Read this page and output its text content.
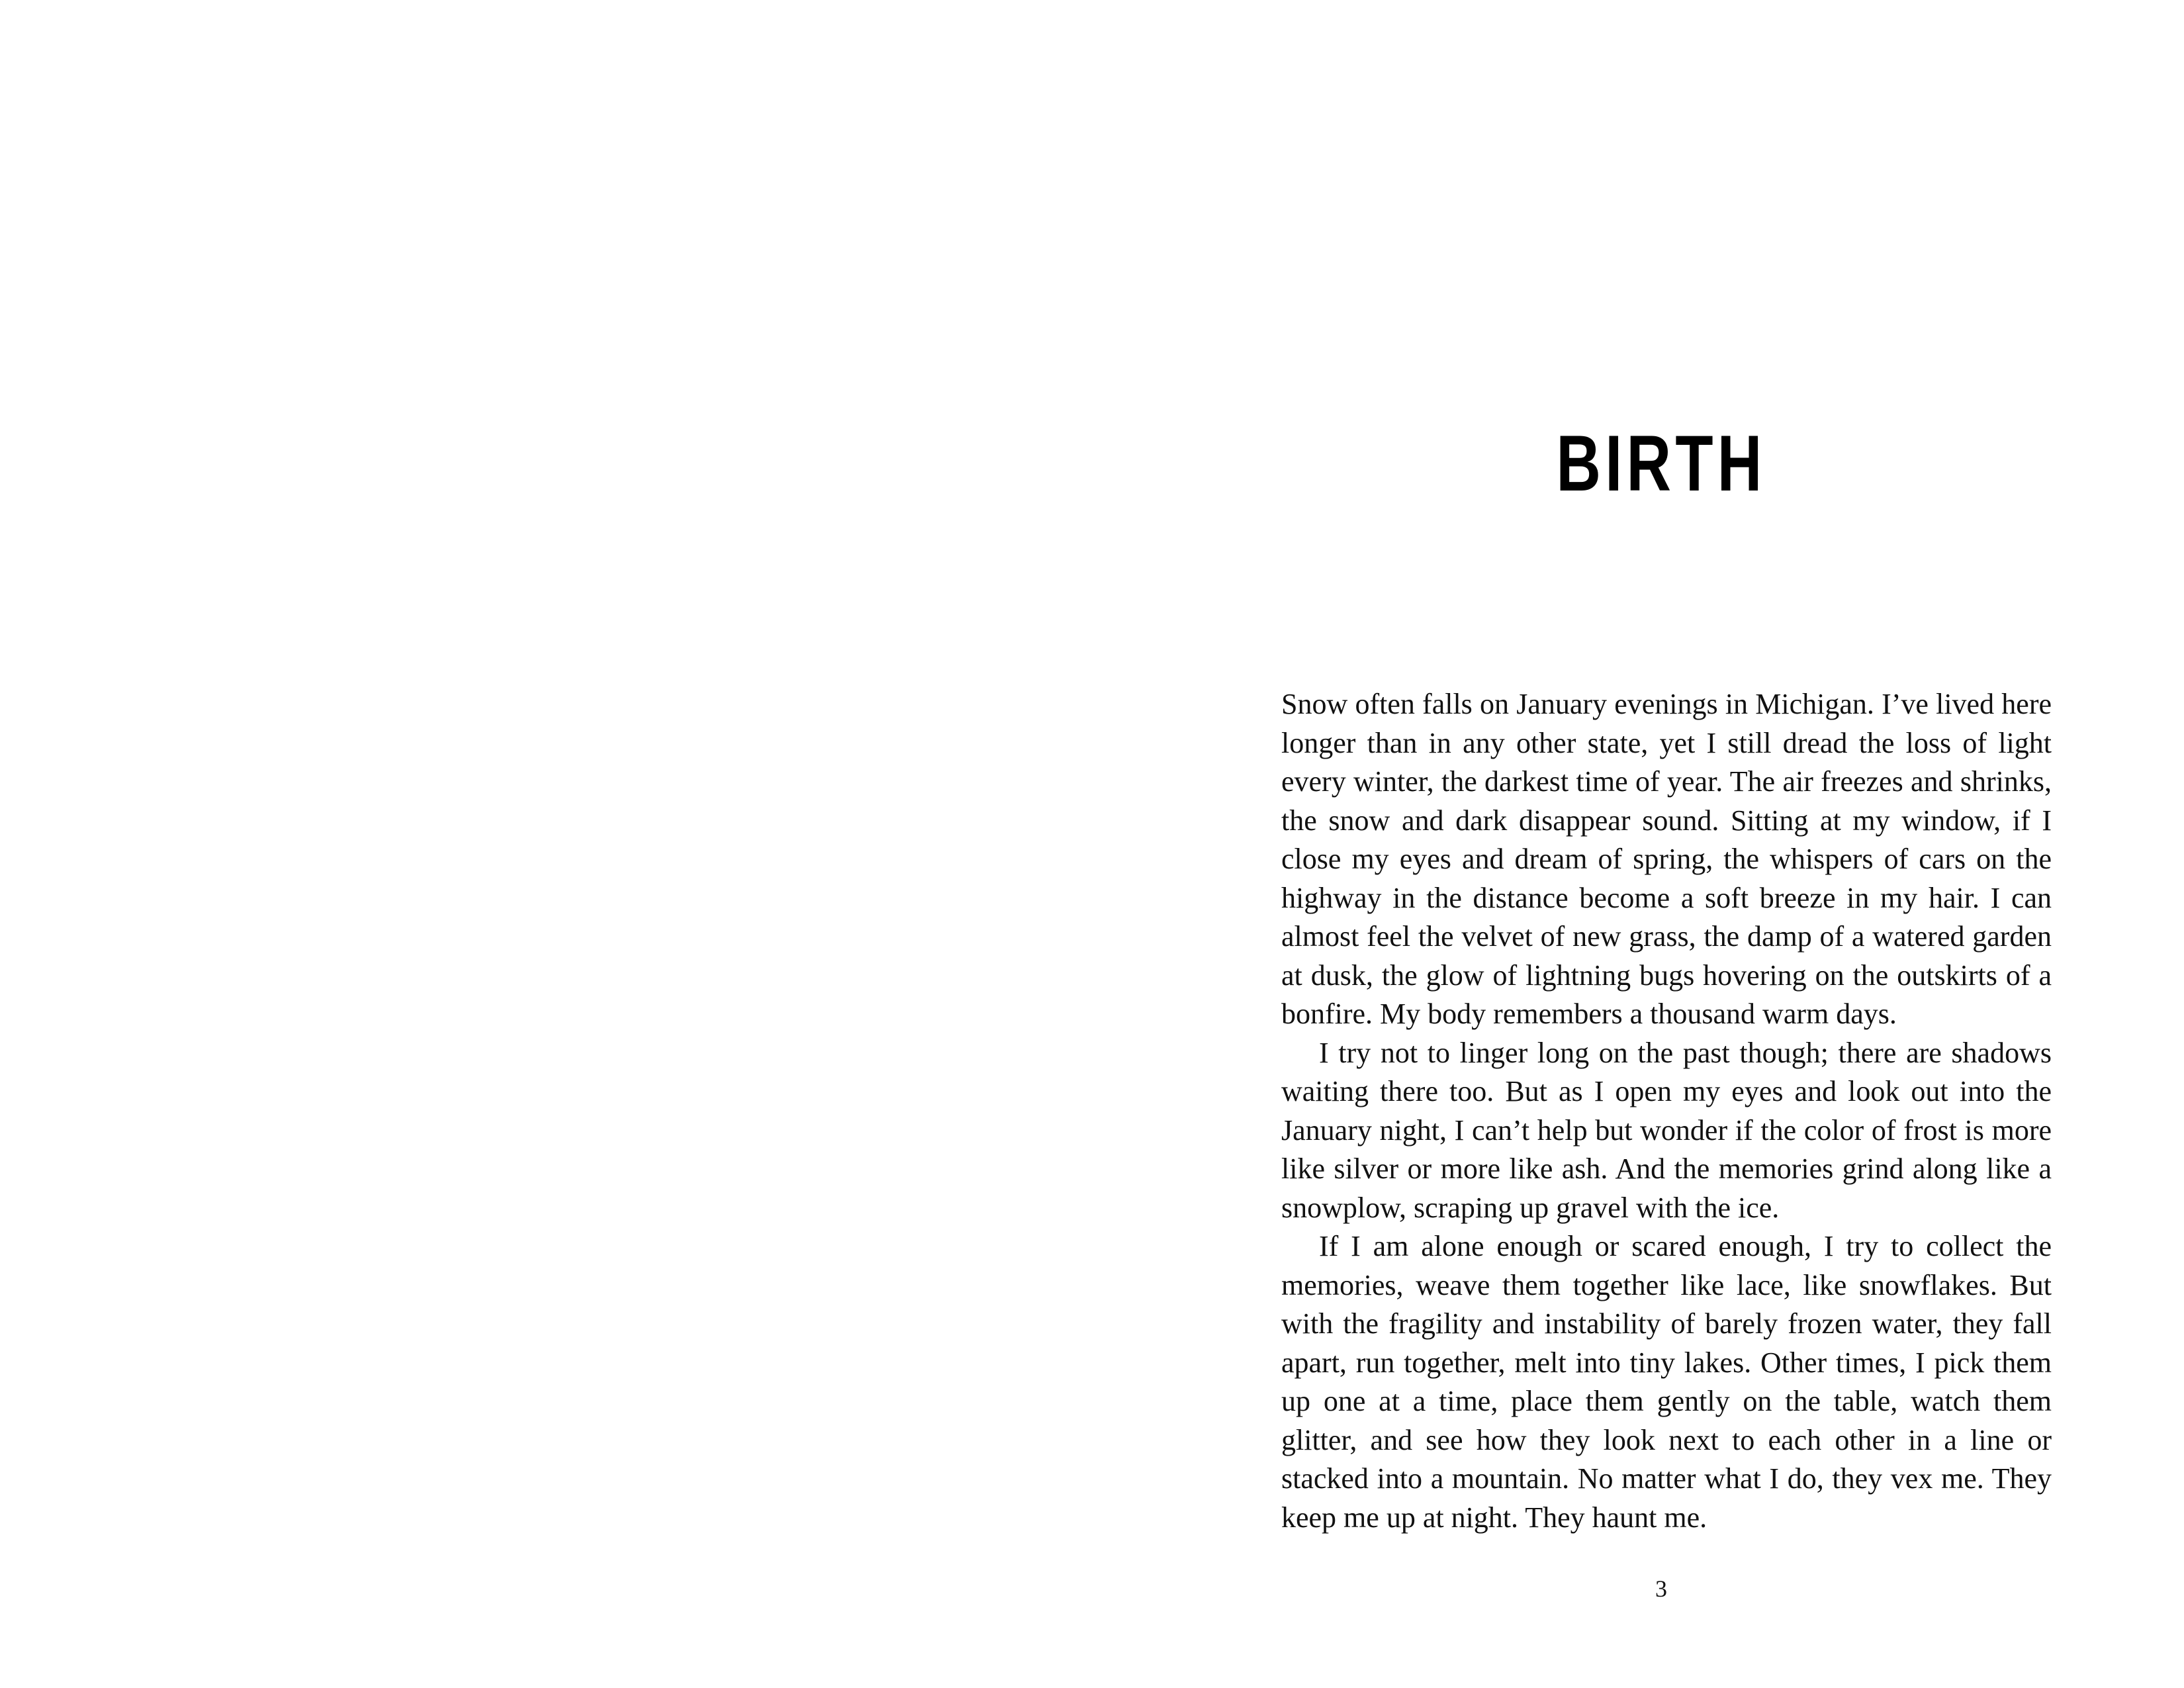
BIRTH

Snow often falls on January evenings in Michigan. I’ve lived here longer than in any other state, yet I still dread the loss of light every winter, the darkest time of year. The air freezes and shrinks, the snow and dark disappear sound. Sitting at my window, if I close my eyes and dream of spring, the whispers of cars on the highway in the distance become a soft breeze in my hair. I can almost feel the velvet of new grass, the damp of a watered garden at dusk, the glow of lightning bugs hovering on the outskirts of a bonfire. My body remembers a thousand warm days.

I try not to linger long on the past though; there are shadows waiting there too. But as I open my eyes and look out into the January night, I can’t help but wonder if the color of frost is more like silver or more like ash. And the memories grind along like a snowplow, scraping up gravel with the ice.

If I am alone enough or scared enough, I try to collect the memories, weave them together like lace, like snowflakes. But with the fragility and instability of barely frozen water, they fall apart, run together, melt into tiny lakes. Other times, I pick them up one at a time, place them gently on the table, watch them glitter, and see how they look next to each other in a line or stacked into a mountain. No matter what I do, they vex me. They keep me up at night. They haunt me.

3
